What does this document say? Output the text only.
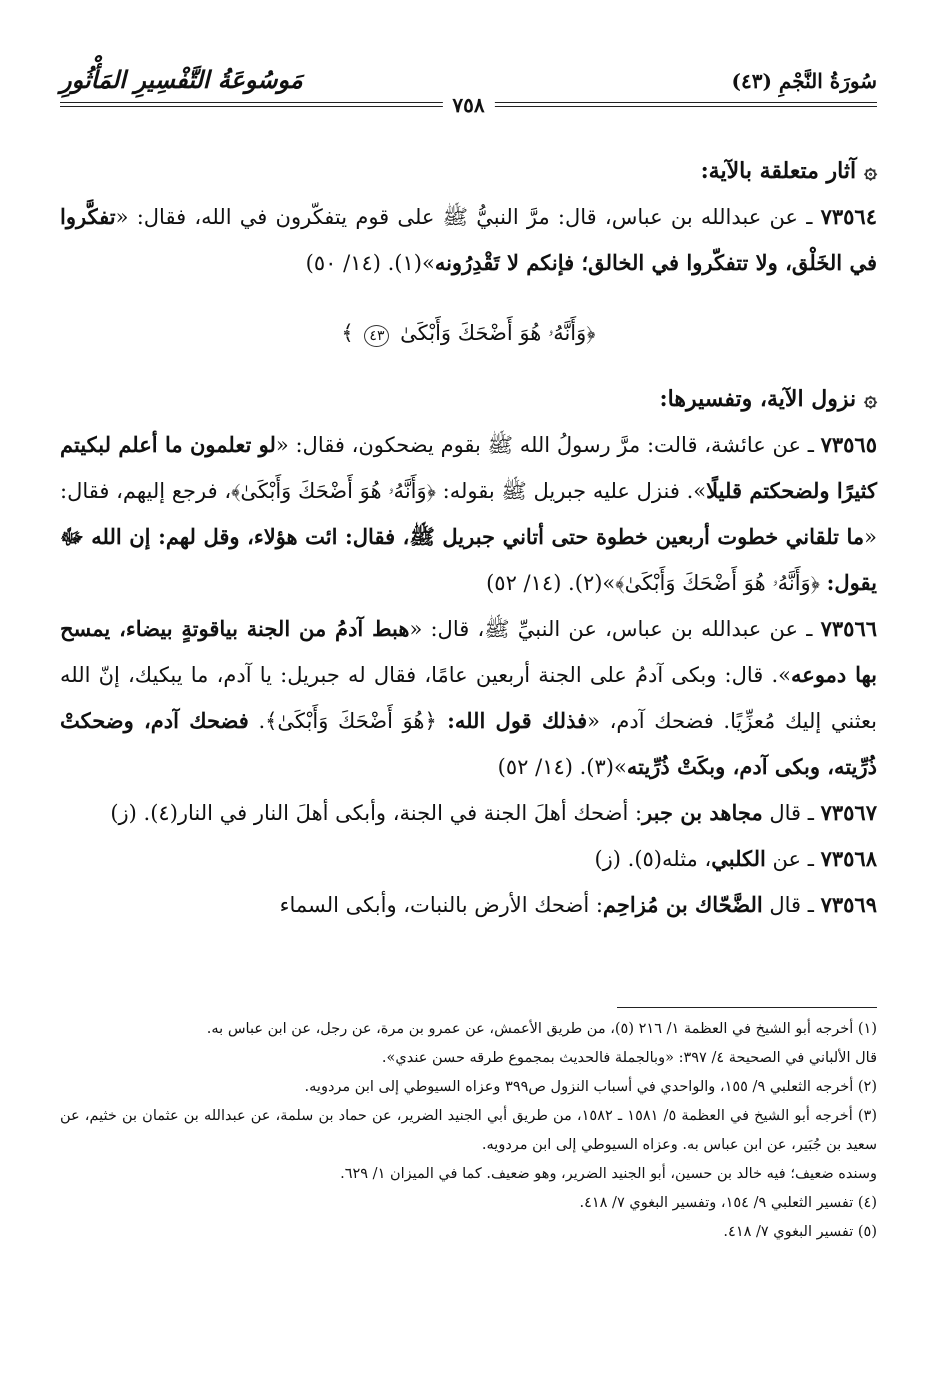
سُورَةُ النَّجْمِ (٤٣)
مَوسُوعَةُ التَّفْسِيرِ المَأْثُورِ
٧٥٨

۞آثار متعلقة بالآية:

٧٣٥٦٤ ـ عن عبدالله بن عباس، قال: مرَّ النبيُّ ﷺ على قوم يتفكّرون في الله، فقال: «تفكَّروا في الخَلْق، ولا تتفكّروا في الخالق؛ فإنكم لا تَقْدِرُونه»(١). (١٤/ ٥٠)

﴿وَأَنَّهُۥ هُوَ أَضْحَكَ وَأَبْكَىٰ ٤٣ ﴾

۞نزول الآية، وتفسيرها:

٧٣٥٦٥ ـ عن عائشة، قالت: مرَّ رسولُ الله ﷺ بقوم يضحكون، فقال: «لو تعلمون ما أعلم لبكيتم كثيرًا ولضحكتم قليلًا». فنزل عليه جبريل ﷺ بقوله: ﴿وَأَنَّهُۥ هُوَ أَضْحَكَ وَأَبْكَىٰ﴾، فرجع إليهم، فقال: «ما تلقاني خطوت أربعين خطوة حتى أتاني جبريل ﷺ، فقال: ائت هؤلاء، وقل لهم: إن الله ﷻ يقول: ﴿وَأَنَّهُۥ هُوَ أَضْحَكَ وَأَبْكَىٰ﴾»(٢). (١٤/ ٥٢)

٧٣٥٦٦ ـ عن عبدالله بن عباس، عن النبيِّ ﷺ، قال: «هبط آدمُ من الجنة بياقوتةٍ بيضاء، يمسح بها دموعه». قال: وبكى آدمُ على الجنة أربعين عامًا، فقال له جبريل: يا آدم، ما يبكيك، إنّ الله بعثني إليك مُعزِّيًا. فضحك آدم، «فذلك قول الله: ﴿هُوَ أَضْحَكَ وَأَبْكَىٰ﴾. فضحك آدم، وضحكتْ ذُرِّيته، وبكى آدم، وبكَتْ ذُرِّيته»(٣). (١٤/ ٥٢)

٧٣٥٦٧ ـ قال مجاهد بن جبر: أضحك أهلَ الجنة في الجنة، وأبكى أهلَ النار في النار(٤). (ز)

٧٣٥٦٨ ـ عن الكلبي، مثله(٥). (ز)

٧٣٥٦٩ ـ قال الضَّحّاك بن مُزاحِم: أضحك الأرض بالنبات، وأبكى السماء

(١) أخرجه أبو الشيخ في العظمة ١/ ٢١٦ (٥)، من طريق الأعمش، عن عمرو بن مرة، عن رجل، عن ابن عباس به.

قال الألباني في الصحيحة ٤/ ٣٩٧: «وبالجملة فالحديث بمجموع طرقه حسن عندي».

(٢) أخرجه الثعلبي ٩/ ١٥٥، والواحدي في أسباب النزول ص٣٩٩ وعزاه السيوطي إلى ابن مردويه.

(٣) أخرجه أبو الشيخ في العظمة ٥/ ١٥٨١ ـ ١٥٨٢، من طريق أبي الجنيد الضرير، عن حماد بن سلمة، عن عبدالله بن عثمان بن خثيم، عن سعيد بن جُبَير، عن ابن عباس به. وعزاه السيوطي إلى ابن مردويه.

وسنده ضعيف؛ فيه خالد بن حسين، أبو الجنيد الضرير، وهو ضعيف. كما في الميزان ١/ ٦٢٩.

(٤) تفسير الثعلبي ٩/ ١٥٤، وتفسير البغوي ٧/ ٤١٨.

(٥) تفسير البغوي ٧/ ٤١٨.
